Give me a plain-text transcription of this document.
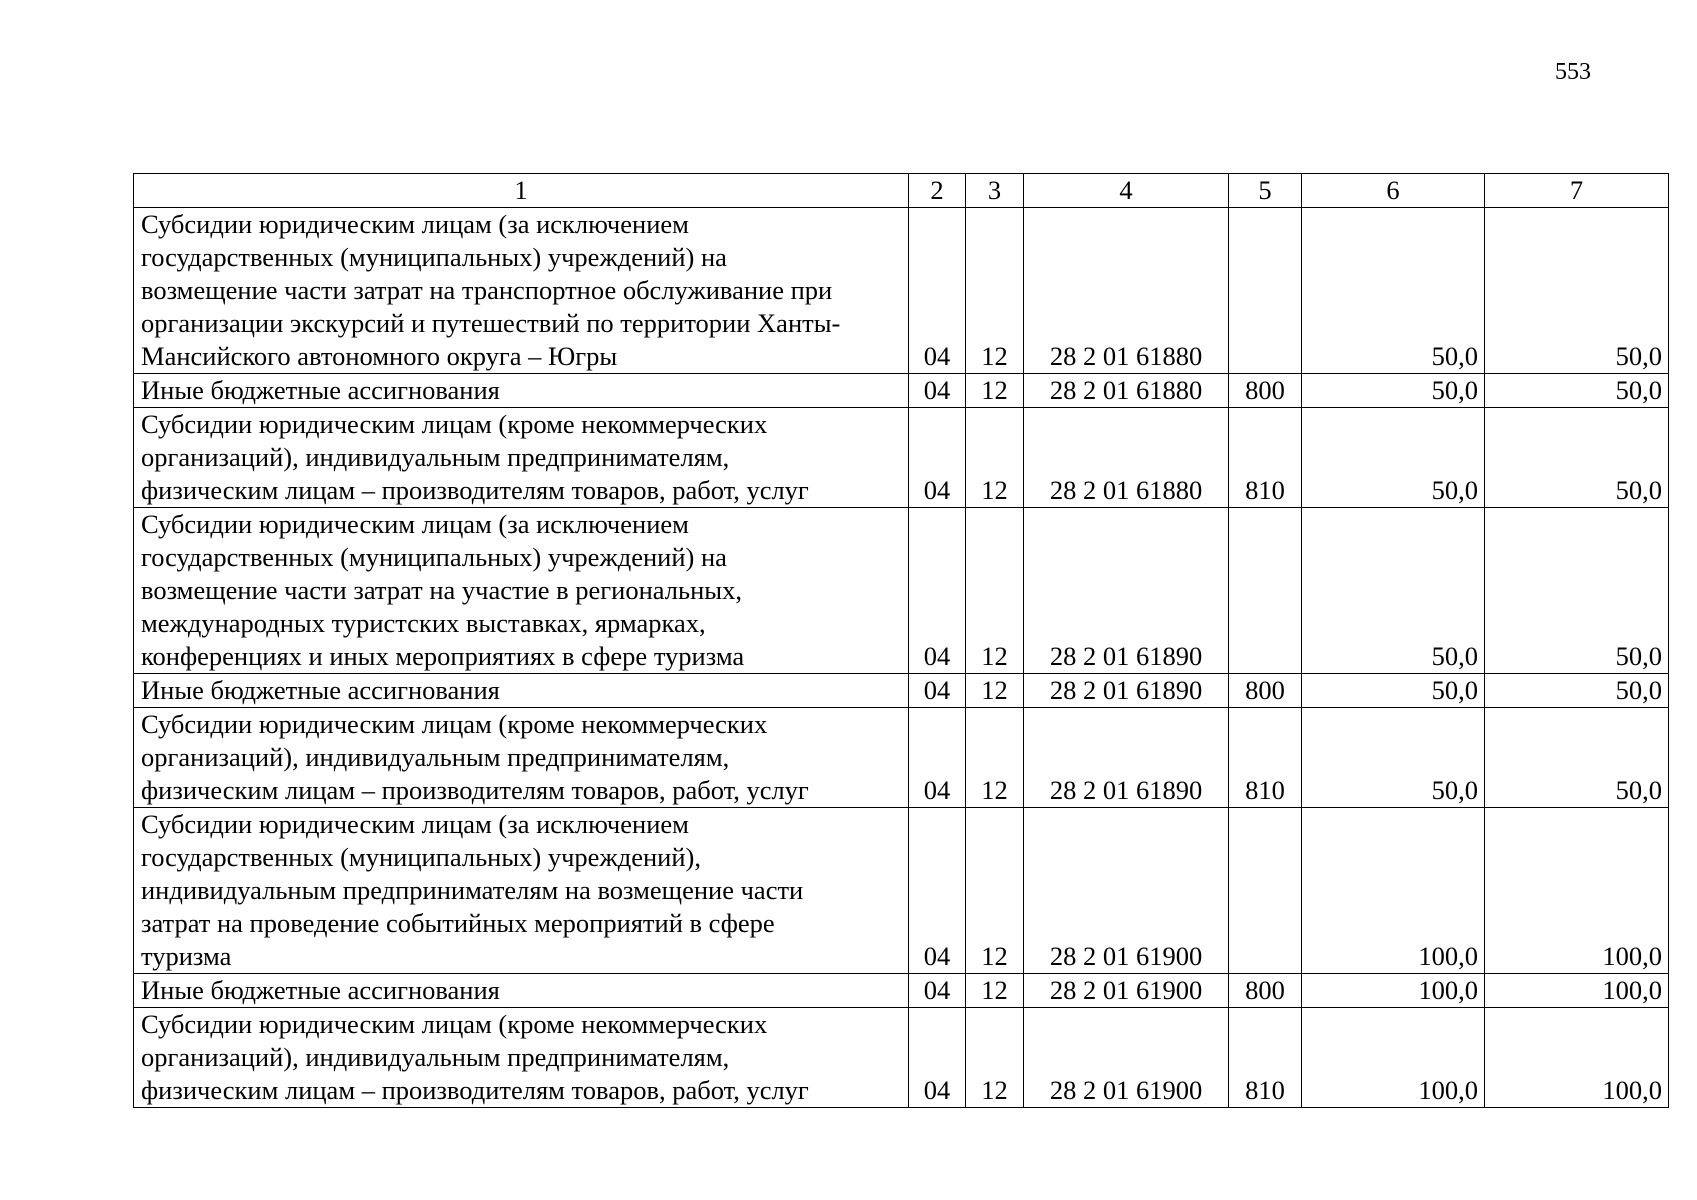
553
1	2	3	4	5	6	7

Субсидии юридическим лицам (за исключением
государственных (муниципальных) учреждений) на
возмещение части затрат на транспортное обслуживание при
организации экскурсий и путешествий по территории Ханты-
Мансийского автономного округа – Югры	04	12	28 2 01 61880		50,0	50,0

Иные бюджетные ассигнования	04	12	28 2 01 61880	800	50,0	50,0

Субсидии юридическим лицам (кроме некоммерческих
организаций), индивидуальным предпринимателям,
физическим лицам – производителям товаров, работ, услуг	04	12	28 2 01 61880	810	50,0	50,0

Субсидии юридическим лицам (за исключением
государственных (муниципальных) учреждений) на
возмещение части затрат на участие в региональных,
международных туристских выставках, ярмарках,
конференциях и иных мероприятиях в сфере туризма	04	12	28 2 01 61890		50,0	50,0

Иные бюджетные ассигнования	04	12	28 2 01 61890	800	50,0	50,0

Субсидии юридическим лицам (кроме некоммерческих
организаций), индивидуальным предпринимателям,
физическим лицам – производителям товаров, работ, услуг	04	12	28 2 01 61890	810	50,0	50,0

Субсидии юридическим лицам (за исключением
государственных (муниципальных) учреждений),
индивидуальным предпринимателям на возмещение части
затрат на проведение событийных мероприятий в сфере
туризма	04	12	28 2 01 61900		100,0	100,0

Иные бюджетные ассигнования	04	12	28 2 01 61900	800	100,0	100,0

Субсидии юридическим лицам (кроме некоммерческих
организаций), индивидуальным предпринимателям,
физическим лицам – производителям товаров, работ, услуг	04	12	28 2 01 61900	810	100,0	100,0
